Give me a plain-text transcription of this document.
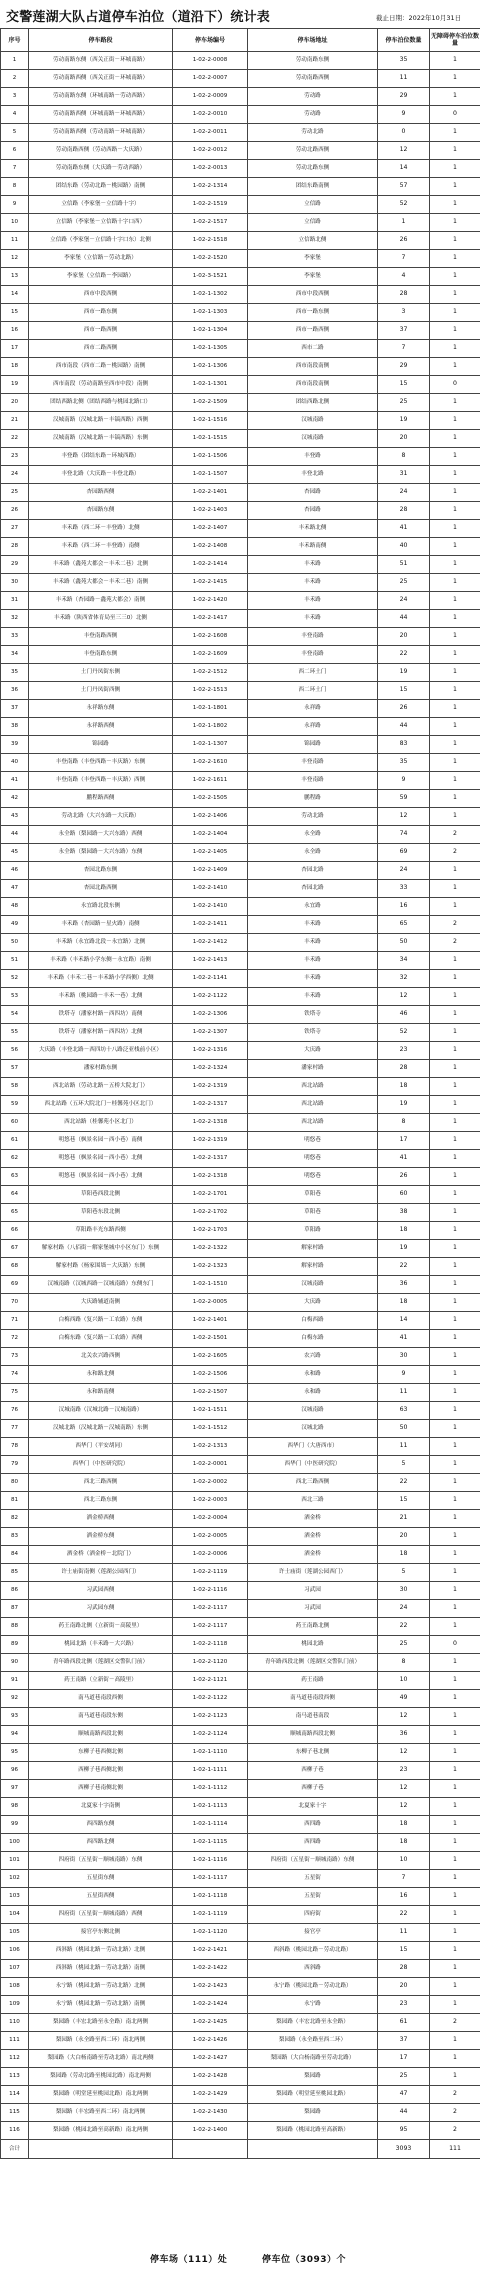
交警莲湖大队占道停车泊位（道沿下）统计表	截止日期：2022年10月31日
序号	停车路段	停车场编号	停车场地址	停车泊位数量	无障碍停车泊位数量
1	劳动南路东侧（西关正街－环城南路）	1-02-2-0008	劳动南路东侧	35	1
2	劳动南路西侧（西关正街－环城南路）	1-02-2-0007	劳动南路西侧	11	1
3	劳动南路东侧（环城南路－劳动西路）	1-02-2-0009	劳动路	29	1
4	劳动南路西侧（环城南路－环城西路）	1-02-2-0010	劳动路	9	0
5	劳动南路西侧（劳动南路－环城南路）	1-02-2-0011	劳动北路	0	1
6	劳动南路西侧（劳动西路－大庆路）	1-02-2-0012	劳动北路西侧	12	1
7	劳动南路东侧（大庆路－劳动西路）	1-02-2-0013	劳动北路东侧	14	1
8	团结东路（劳动北路－桃园路）南侧	1-02-2-1314	团结东路南侧	57	1
9	立信路（李家堡－立信路十字）	1-02-2-1519	立信路	52	1
10	立信路（李家堡－立信路十字口西）	1-02-2-1517	立信路	1	1
11	立信路（李家堡－立信路十字口东）北侧	1-02-2-1518	立信路北侧	26	1
12	李家堡（立信路－劳动北路）	1-02-2-1520	李家堡	7	1
13	李家堡（立信路－李园路）	1-02-3-1521	李家堡	4	1
14	西市中段西侧	1-02-1-1302	西市中段西侧	28	1
15	西市一路东侧	1-02-1-1303	西市一路东侧	3	1
16	西市一路西侧	1-02-1-1304	西市一路西侧	37	1
17	西市二路西侧	1-02-1-1305	西市二路	7	1
18	西市南段（西市二路－桃园路）南侧	1-02-1-1306	西市南段南侧	29	1
19	西市南段（劳动南路至西市中段）南侧	1-02-1-1301	西市南段南侧	15	0
20	团结西路北侧（团结西路与桃园北路口）	1-02-2-1509	团结西路北侧	25	1
21	汉城南路（汉城北路－丰镐西路）西侧	1-02-1-1516	汉城南路	19	1
22	汉城南路（汉城北路－丰镐西路）东侧	1-02-1-1515	汉城南路	20	1
23	丰登路（团结东路－环城西路）	1-02-1-1506	丰登路	8	1
24	丰登北路（大庆路－丰登北路）	1-02-1-1507	丰登北路	31	1
25	杏园路西侧	1-02-2-1401	杏园路	24	1
26	杏园路东侧	1-02-2-1403	杏园路	28	1
27	丰禾路（西二环－丰登路）北侧	1-02-2-1407	丰禾路北侧	41	1
28	丰禾路（西二环－丰登路）南侧	1-02-2-1408	丰禾路南侧	40	1
29	丰禾路（鑫苑大都会－丰禾二巷）北侧	1-02-2-1414	丰禾路	51	1
30	丰禾路（鑫苑大都会－丰禾二巷）南侧	1-02-2-1415	丰禾路	25	1
31	丰禾路（杏园路－鑫苑大都会）南侧	1-02-2-1420	丰禾路	24	1
32	丰禾路（陕西省体育局至三三0）北侧	1-02-2-1417	丰禾路	44	1
33	丰登南路西侧	1-02-2-1608	丰登南路	20	1
34	丰登南路东侧	1-02-2-1609	丰登南路	22	1
35	土门丹凤街东侧	1-02-2-1512	西二环土门	19	1
36	土门丹凤街西侧	1-02-2-1513	西二环土门	15	1
37	永祥路东侧	1-02-1-1801	永祥路	26	1
38	永祥路西侧	1-02-1-1802	永祥路	44	1
39	锦园路	1-02-1-1307	锦园路	83	1
40	丰登南路（丰登西路－丰庆路）东侧	1-02-2-1610	丰登南路	35	1
41	丰登南路（丰登西路－丰庆路）西侧	1-02-2-1611	丰登南路	9	1
42	鹏程路西侧	1-02-2-1505	鹏程路	59	1
43	劳动北路（大兴东路－大庆路）	1-02-2-1406	劳动北路	12	1
44	永全路（梨园路－大兴东路）西侧	1-02-2-1404	永全路	74	2
45	永全路（梨园路－大兴东路）东侧	1-02-2-1405	永全路	69	2
46	杏园北路东侧	1-02-2-1409	杏园北路	24	1
47	杏园北路西侧	1-02-2-1410	杏园北路	33	1
48	永宜路北段东侧	1-02-2-1410	永宜路	16	1
49	丰禾路（杏园路－星火路）南侧	1-02-2-1411	丰禾路	65	2
50	丰禾路（永宜路北段－永宜路）北侧	1-02-2-1412	丰禾路	50	2
51	丰禾路（丰禾路小学东侧－永宜路）南侧	1-02-2-1413	丰禾路	34	1
52	丰禾路（丰禾二巷－丰禾路小学西侧）北侧	1-02-2-1141	丰禾路	32	1
53	丰禾路（桃园路－丰禾一巷）北侧	1-02-2-1122	丰禾路	12	1
54	铁塔寺（潘家村路－西四坊）南侧	1-02-2-1306	铁塔寺	46	1
55	铁塔寺（潘家村路－西四坊）北侧	1-02-2-1307	铁塔寺	52	1
56	大庆路（丰登北路－西四坊十八路泛亚栈前小区）	1-02-2-1316	大庆路	23	1
57	潘家村路东侧	1-02-2-1324	潘家村路	28	1
58	西北站路（劳动北路－五桥大院北门）	1-02-2-1319	西北站路	18	1
59	西北站路（五环大院北门－桂馨苑小区北门）	1-02-2-1317	西北站路	19	1
60	西北站路（桂馨苑小区北门）	1-02-2-1318	西北站路	8	1
61	明悠巷（枫景名园－西小巷）南侧	1-02-2-1319	明悠巷	17	1
62	明悠巷（枫景名园－西小巷）北侧	1-02-2-1317	明悠巷	41	1
63	明悠巷（枫景名园－西小巷）北侧	1-02-2-1318	明悠巷	26	1
64	草阳巷西段北侧	1-02-2-1701	草阳巷	60	1
65	草阳巷东段北侧	1-02-2-1702	草阳巷	38	1
66	草阳路丰光东路西侧	1-02-2-1703	草阳路	18	1
67	解家村路（八佰街－解家堡城中小区东门）东侧	1-02-2-1322	解家村路	19	1
68	解家村路（杨家围墙－大庆路）东侧	1-02-2-1323	解家村路	22	1
69	汉城南路（汉城西路－汉城南路）东侧东门	1-02-1-1510	汉城南路	36	1
70	大庆路辅道南侧	1-02-2-0005	大庆路	18	1
71	白梅西路（复兴路－工农路）东侧	1-02-2-1401	白梅西路	14	1
72	白梅东路（复兴路－工农路）西侧	1-02-2-1501	白梅东路	41	1
73	北关农兴路西侧	1-02-2-1605	农兴路	30	1
74	永和路北侧	1-02-2-1506	永和路	9	1
75	永和路南侧	1-02-2-1507	永和路	11	1
76	汉城南路（汉城北路－汉城南路）	1-02-1-1511	汉城南路	63	1
77	汉城北路（汉城北路－汉城南路）东侧	1-02-1-1512	汉城北路	50	1
78	西华门（平安胡同）	1-02-2-1313	西华门（大唐西市）	11	1
79	西华门（中医研究院）	1-02-2-0001	西华门（中医研究院）	5	1
80	西北三路西侧	1-02-2-0002	西北三路西侧	22	1
81	西北三路东侧	1-02-2-0003	西北三路	15	1
82	洒金桥西侧	1-02-2-0004	洒金桥	21	1
83	洒金桥东侧	1-02-2-0005	洒金桥	20	1
84	洒金桥（洒金桥－北院门）	1-02-2-0006	洒金桥	18	1
85	许士庙街南侧（莲湖公园西门）	1-02-2-1119	许士庙街（莲湖公园西门）	5	1
86	习武园西侧	1-02-2-1116	习武园	30	1
87	习武园东侧	1-02-2-1117	习武园	24	1
88	药王南路北侧（立新街－高陵里）	1-02-2-1117	药王南路北侧	22	1
89	桃园北路（丰禾路－大兴路）	1-02-2-1118	桃园北路	25	0
90	青年路西段北侧（莲湖区交警队门前）	1-02-2-1120	青年路西段北侧（莲湖区交警队门前）	8	1
91	药王南路（立新街－高陵里）	1-02-2-1121	药王南路	10	1
92	南马道巷南段西侧	1-02-2-1122	南马道巷南段西侧	49	1
93	南马道巷南段东侧	1-02-2-1123	南马道巷南段	12	1
94	顺城南路西段北侧	1-02-2-1124	顺城南路西段北侧	36	1
95	东柳子巷西侧北侧	1-02-1-1110	东柳子巷北侧	12	1
96	西柳子巷西侧北侧	1-02-1-1111	西柳子巷	23	1
97	西柳子巷南侧北侧	1-02-1-1112	西柳子巷	12	1
98	北夏家十字南侧	1-02-1-1113	北夏家十字	12	1
99	西四路东侧	1-02-1-1114	西四路	18	1
100	西四路北侧	1-02-1-1115	西四路	18	1
101	四府街（五星街－顺城南路）东侧	1-02-1-1116	四府街（五星街－顺城南路）东侧	10	1
102	五星街东侧	1-02-1-1117	五星街	7	1
103	五星街西侧	1-02-1-1118	五星街	16	1
104	四府街（五星街－顺城南路）西侧	1-02-1-1119	四府街	22	1
105	接官亭东侧北侧	1-02-1-1120	接官亭	11	1
106	西斜路（桃园北路－劳动北路）北侧	1-02-2-1421	西斜路（桃园北路－劳动北路）	15	1
107	西斜路（桃园北路－劳动北路）南侧	1-02-2-1422	西斜路	28	1
108	永宁路（桃园北路－劳动北路）北侧	1-02-2-1423	永宁路（桃园北路－劳动北路）	20	1
109	永宁路（桃园北路－劳动北路）南侧	1-02-2-1424	永宁路	23	1
110	梨园路（丰宏北路至永全路）南北两侧	1-02-2-1425	梨园路（丰宏北路至永全路）	61	2
111	梨园路（永全路至西二环）南北两侧	1-02-2-1426	梨园路（永全路至西二环）	37	1
112	梨园路（大白杨南路至劳动北路）南北两侧	1-02-2-1427	梨园路（大白杨南路至劳动北路）	17	1
113	梨园路（劳动北路至桃园北路）南北两侧	1-02-2-1428	梨园路	25	1
114	梨园路（明堂延至桃园北路）南北两侧	1-02-2-1429	梨园路（明堂延至桃园北路）	47	2
115	梨园路（丰宏路至西二环）南北两侧	1-02-2-1430	梨园路	44	2
116	梨园路（桃园北路至高新路）南北两侧	1-02-2-1400	梨园路（桃园北路至高新路）	95	2
合计				3093	111
停车场（111）处	停车位（3093）个
